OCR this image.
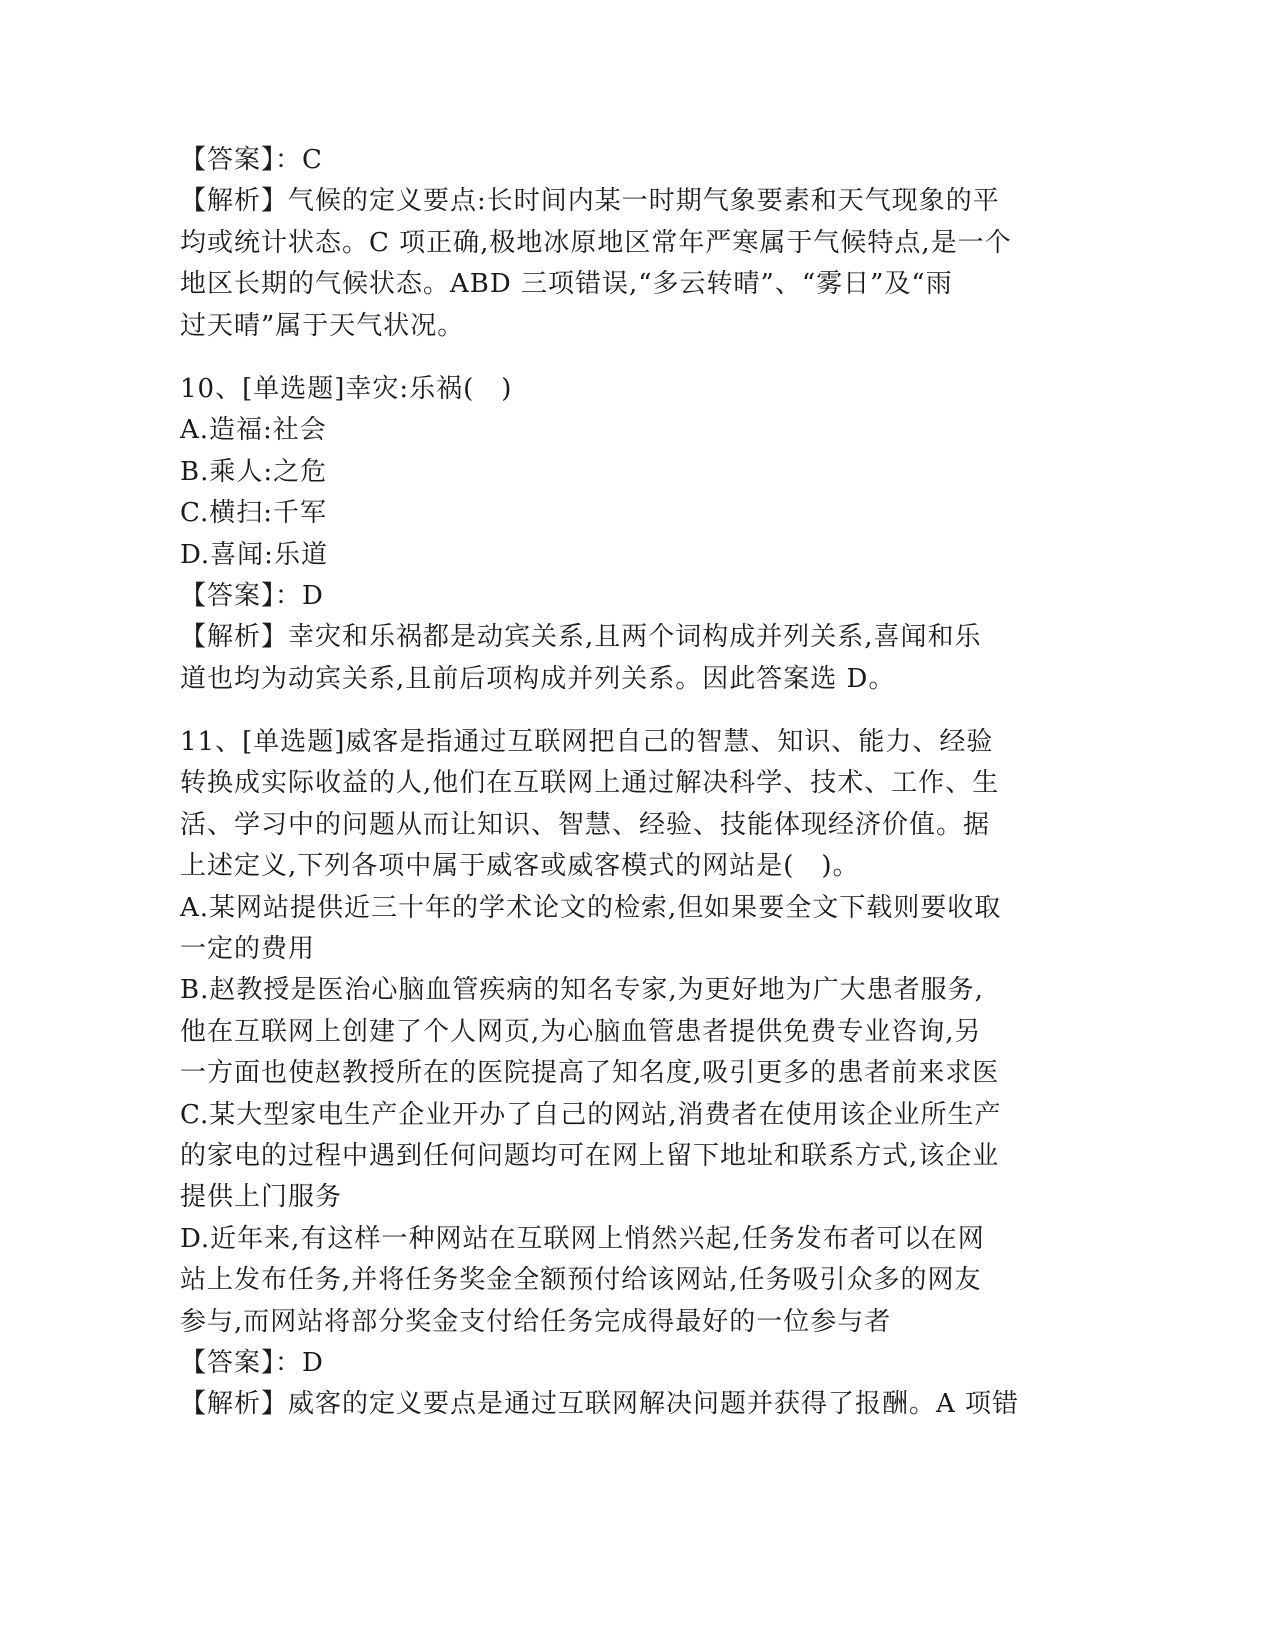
【答案】：C
【解析】气候的定义要点:长时间内某一时期气象要素和天气现象的平
均或统计状态。C 项正确,极地冰原地区常年严寒属于气候特点,是一个
地区长期的气候状态。ABD 三项错误,“多云转晴”、“雾日”及“雨
过天晴”属于天气状况。
10、[单选题]幸灾:乐祸(　)
A.造福:社会
B.乘人:之危
C.横扫:千军
D.喜闻:乐道
【答案】：D
【解析】幸灾和乐祸都是动宾关系,且两个词构成并列关系,喜闻和乐
道也均为动宾关系,且前后项构成并列关系。因此答案选 D。
11、[单选题]威客是指通过互联网把自己的智慧、知识、能力、经验
转换成实际收益的人,他们在互联网上通过解决科学、技术、工作、生
活、学习中的问题从而让知识、智慧、经验、技能体现经济价值。据
上述定义,下列各项中属于威客或威客模式的网站是(　)。
A.某网站提供近三十年的学术论文的检索,但如果要全文下载则要收取
一定的费用
B.赵教授是医治心脑血管疾病的知名专家,为更好地为广大患者服务,
他在互联网上创建了个人网页,为心脑血管患者提供免费专业咨询,另
一方面也使赵教授所在的医院提高了知名度,吸引更多的患者前来求医
C.某大型家电生产企业开办了自己的网站,消费者在使用该企业所生产
的家电的过程中遇到任何问题均可在网上留下地址和联系方式,该企业
提供上门服务
D.近年来,有这样一种网站在互联网上悄然兴起,任务发布者可以在网
站上发布任务,并将任务奖金全额预付给该网站,任务吸引众多的网友
参与,而网站将部分奖金支付给任务完成得最好的一位参与者
【答案】：D
【解析】威客的定义要点是通过互联网解决问题并获得了报酬。A 项错
